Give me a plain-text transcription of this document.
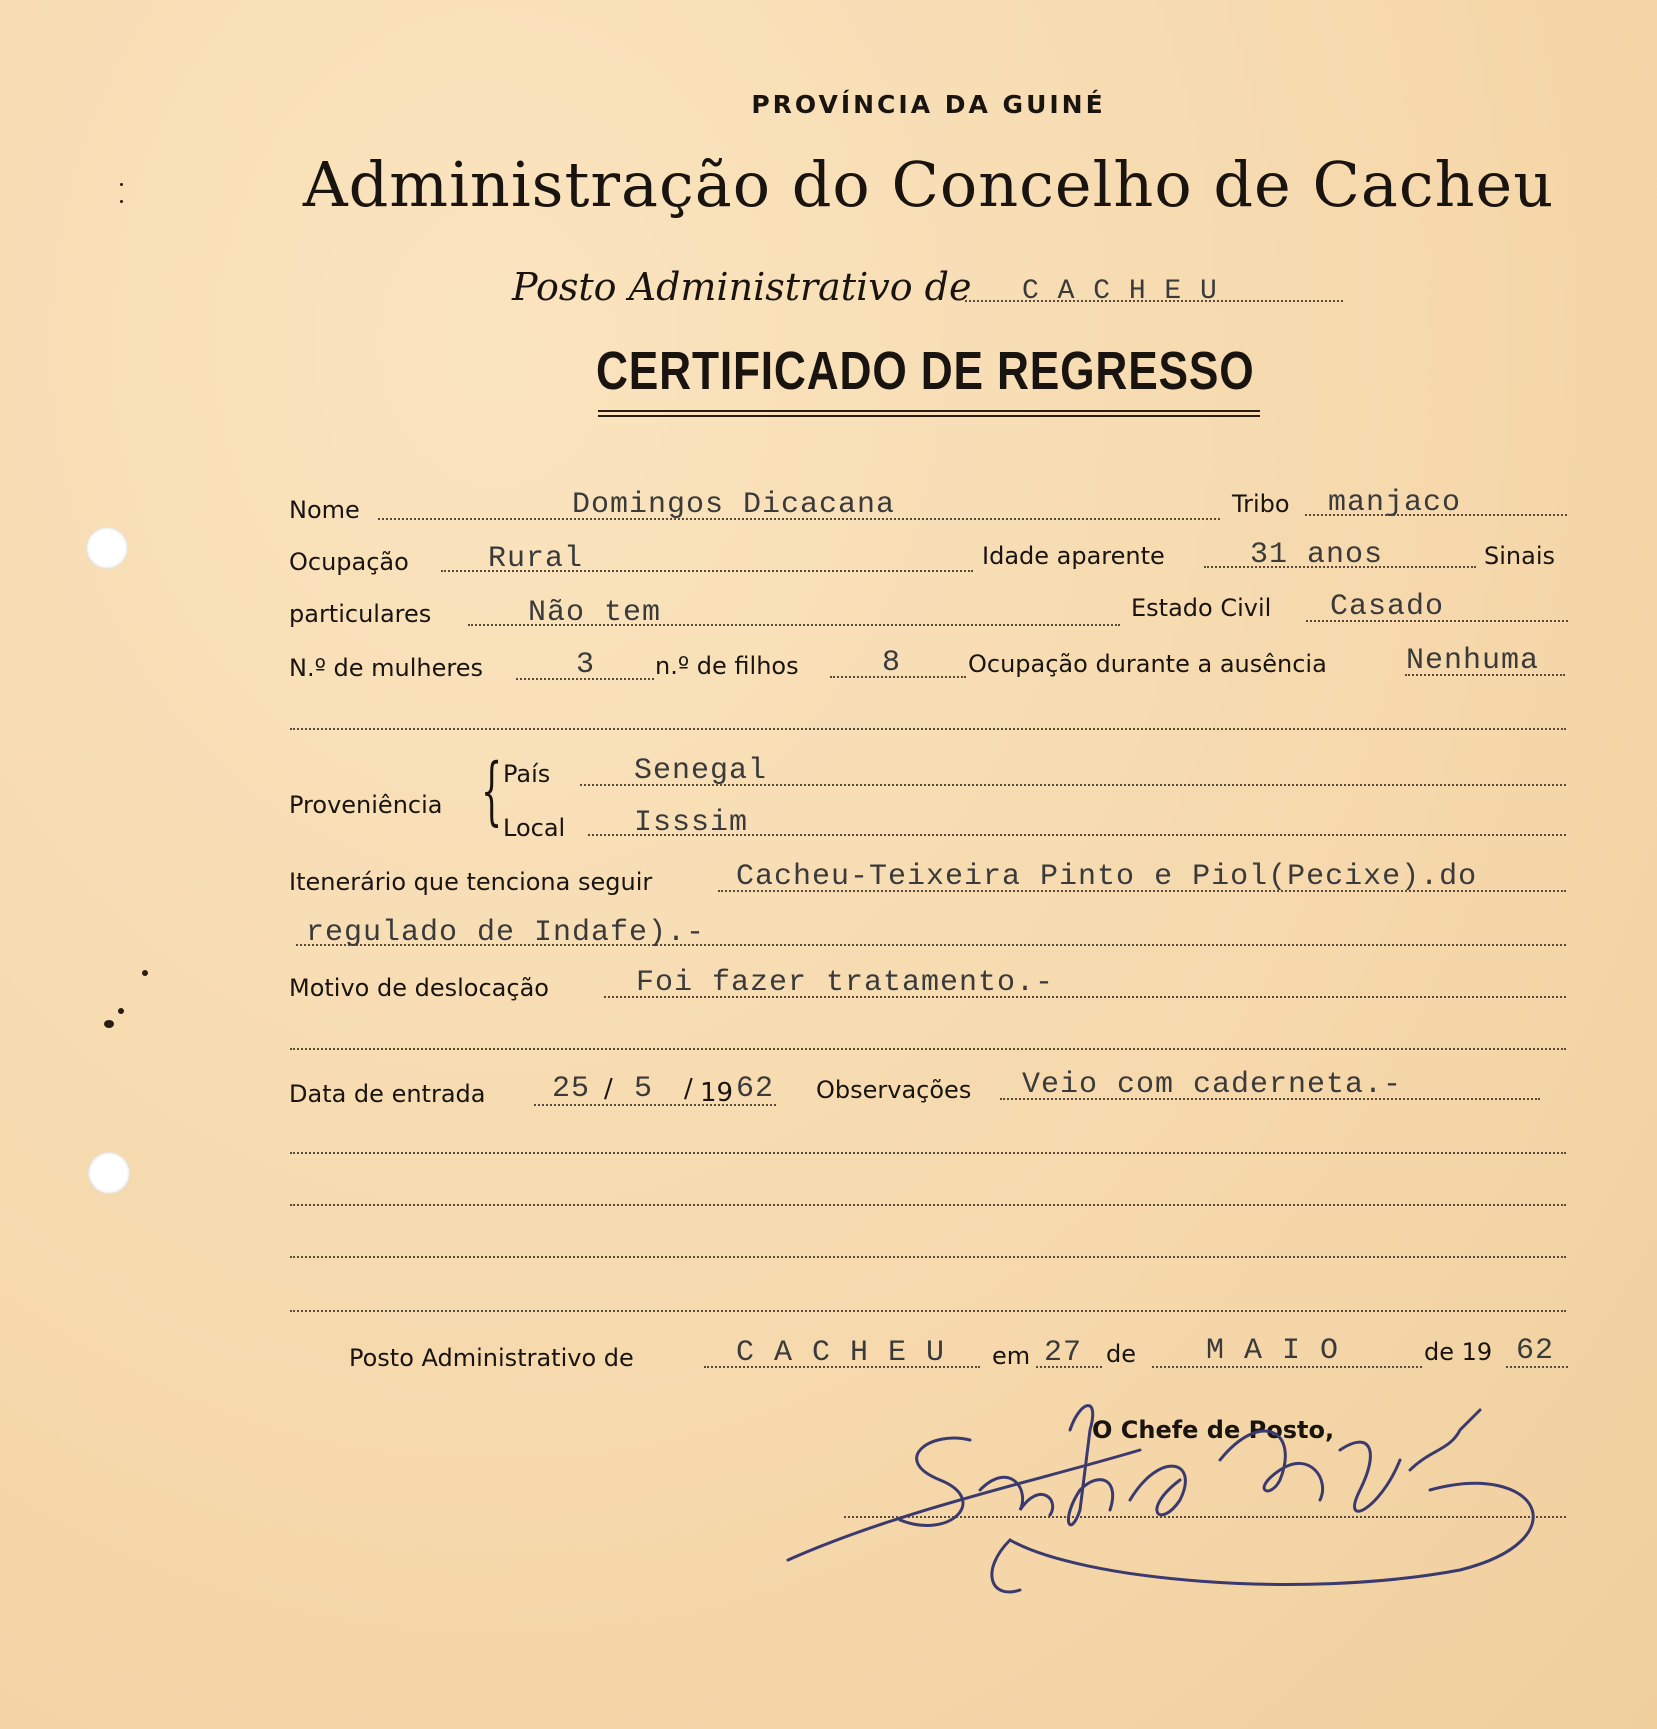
PROVÍNCIA DA GUINÉ
Administração do Concelho de Cacheu
Posto Administrativo de C A C H E U
CERTIFICADO DE REGRESSO
Nome	Domingos Dicacana	Tribo manjaco
Ocupação	Rural	Idade aparente	31 anos	Sinais
particulares	Não tem	Estado Civil Casado
N.º de mulheres	3 n.º de filhos	8	Ocupação durante a ausência	Nenhuma
Proveniência { País	Senegal
Local Isssim
Itenerário que tenciona seguir	Cacheu-Teixeira Pinto e Piol(Pecixe).do
regulado de Indafe).-
Motivo de deslocação	Foi fazer tratamento.-
Data de entrada 25 / 5 / 19 62 Observações Veio com caderneta.-
Posto Administrativo de	C A C H E U em 27 de M A I O	de 19 62
O Chefe de Posto,
